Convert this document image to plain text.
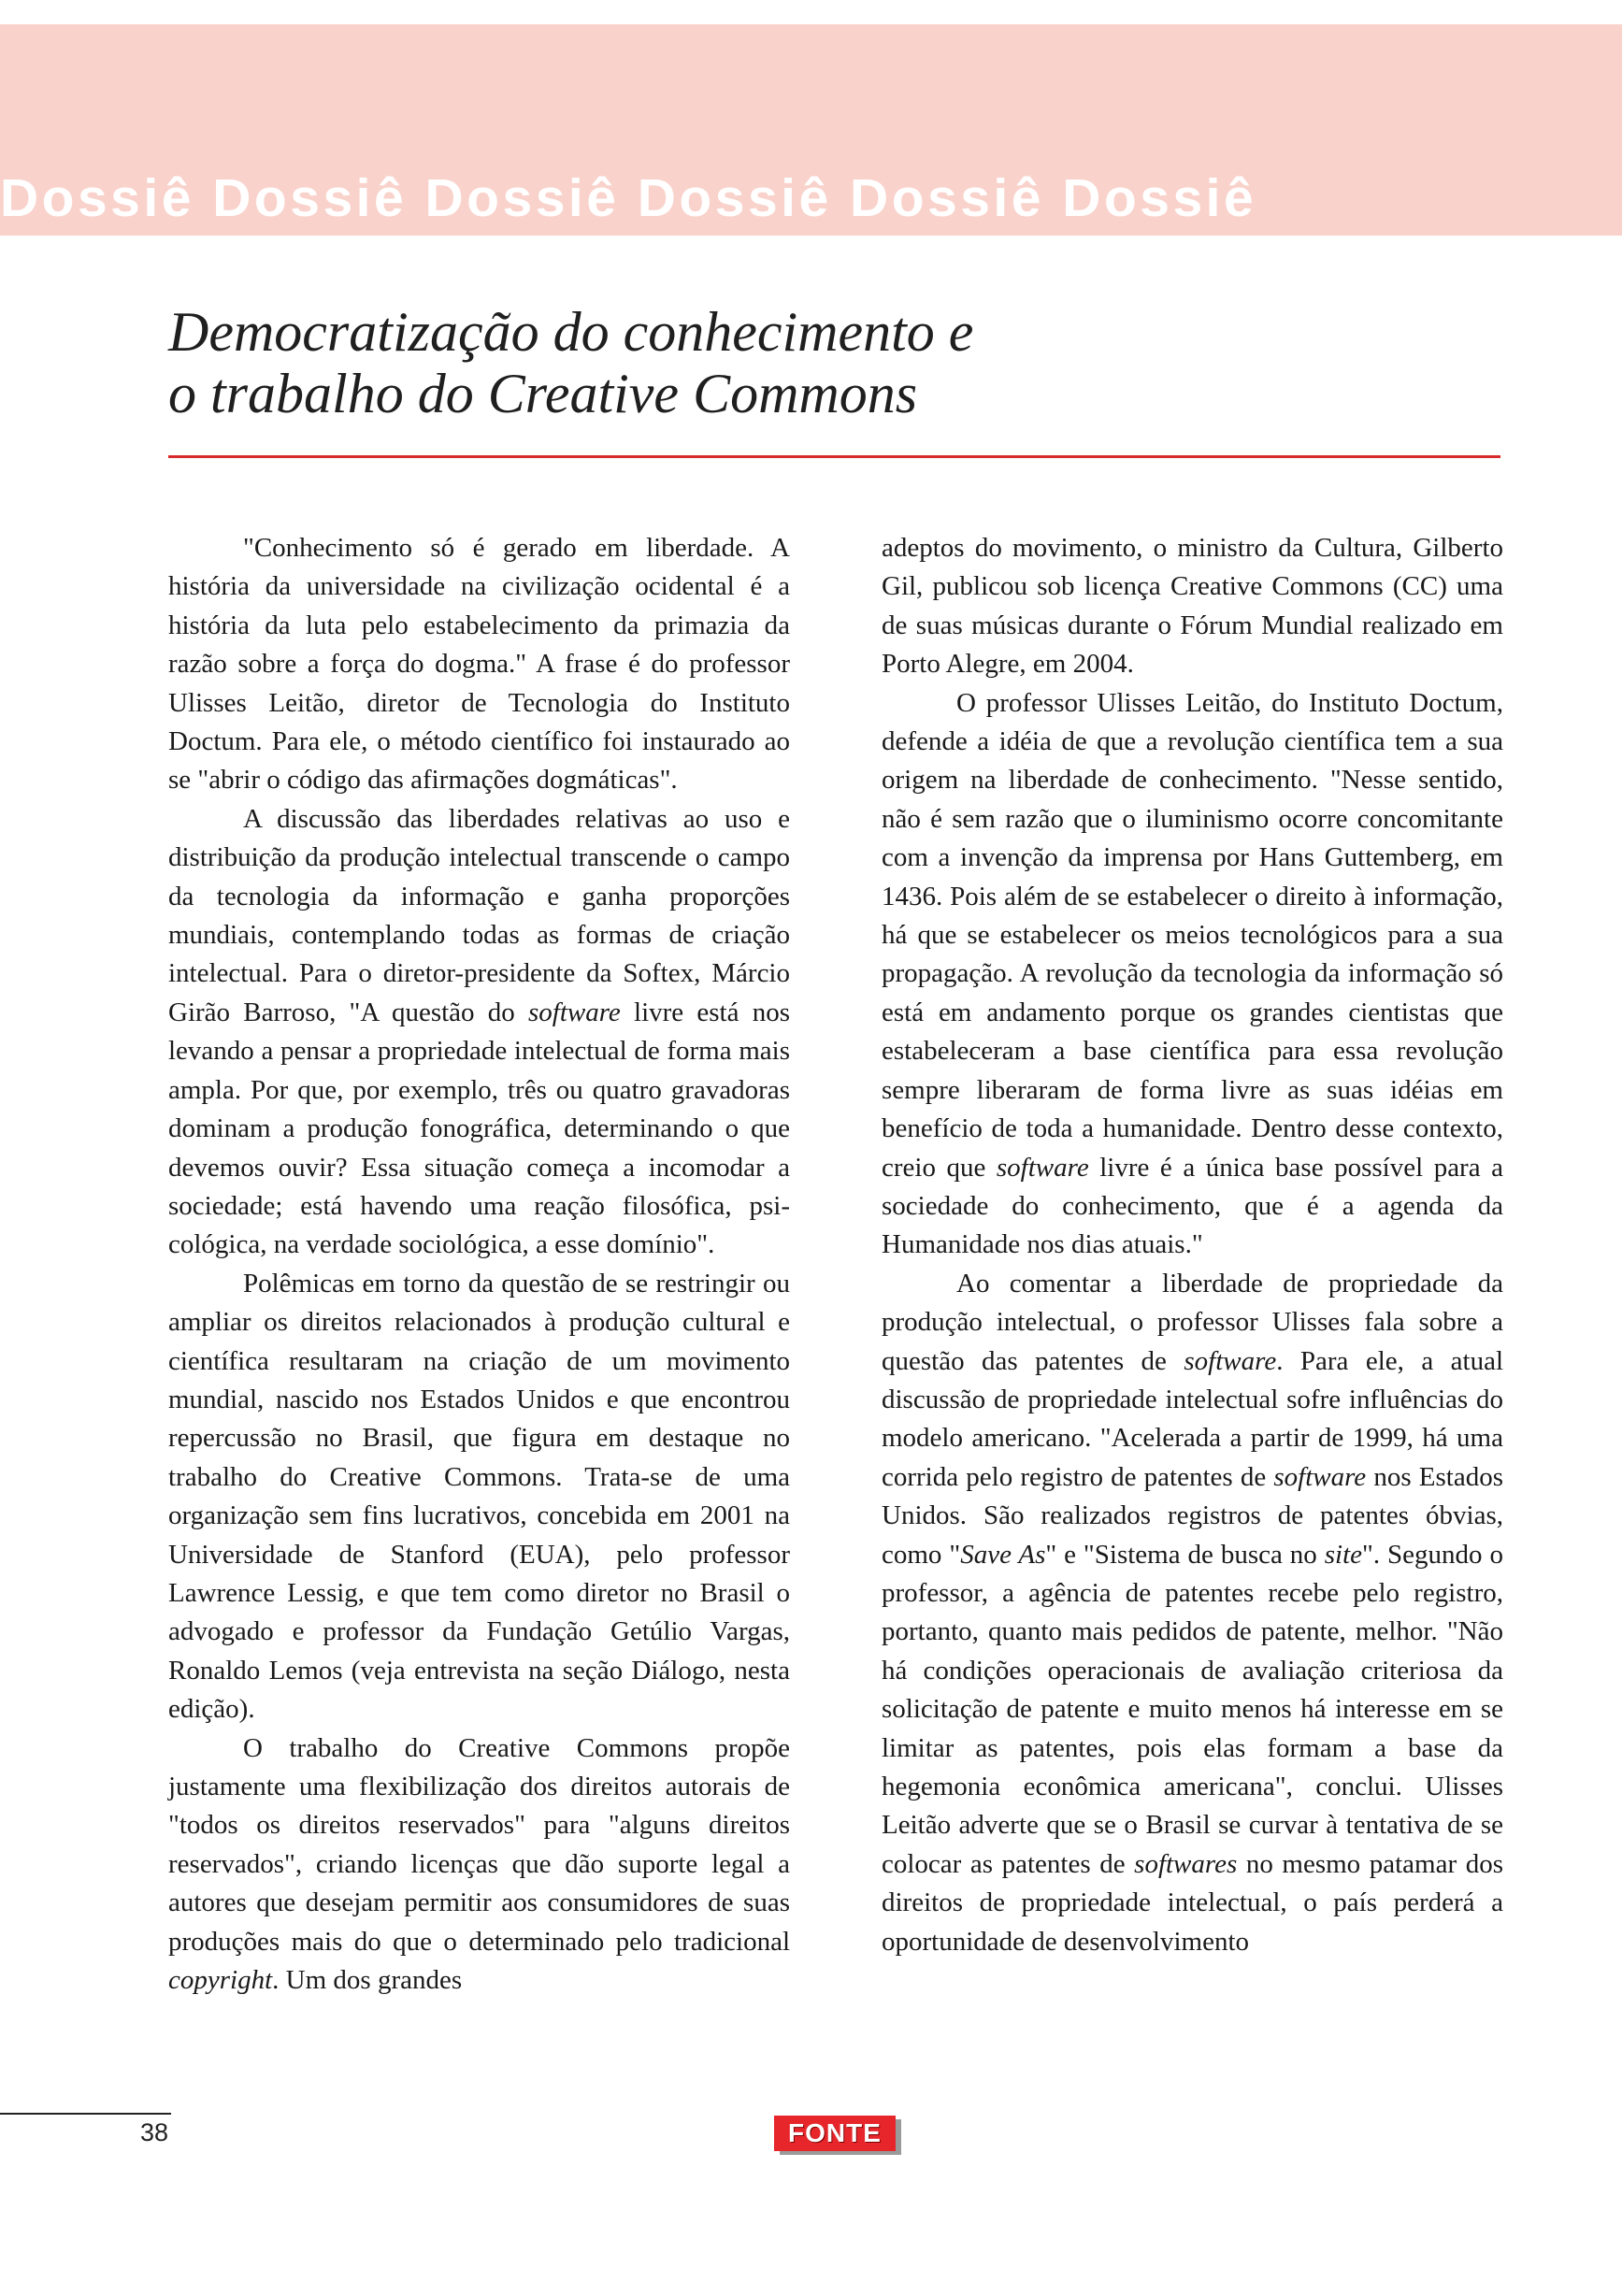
Dossiê Dossiê Dossiê Dossiê Dossiê Dossiê
Democratização do conhecimento e
o trabalho do Creative Commons

"Conhecimento só é gerado em liberdade. A história da universidade na civilização ocidental é a história da luta pelo estabelecimento da primazia da razão sobre a força do dogma." A frase é do professor Ulisses Leitão, diretor de Tecnologia do Instituto Doctum. Para ele, o método científico foi instaurado ao se "abrir o código das afirmações dogmáticas".

A discussão das liberdades relativas ao uso e distribuição da produção intelectual transcende o campo da tecnologia da informação e ganha proporções mundiais, contemplando todas as formas de criação intelectual. Para o diretor-presidente da Softex, Márcio Girão Barroso, "A questão do software livre está nos levando a pensar a propriedade intelectual de forma mais ampla. Por que, por exemplo, três ou quatro gravadoras dominam a produção fonográfica, determinando o que devemos ouvir? Essa situação começa a incomodar a sociedade; está havendo uma reação filosófica, psicológica, na verdade sociológica, a esse domínio".

Polêmicas em torno da questão de se restringir ou ampliar os direitos relacionados à produção cultural e científica resultaram na criação de um movimento mundial, nascido nos Estados Unidos e que encontrou repercussão no Brasil, que figura em destaque no trabalho do Creative Commons. Trata-se de uma organização sem fins lucrativos, concebida em 2001 na Universidade de Stanford (EUA), pelo professor Lawrence Lessig, e que tem como diretor no Brasil o advogado e professor da Fundação Getúlio Vargas, Ronaldo Lemos (veja entrevista na seção Diálogo, nesta edição).

O trabalho do Creative Commons propõe justamente uma flexibilização dos direitos autorais de "todos os direitos reservados" para "alguns direitos reservados", criando licenças que dão suporte legal a autores que desejam permitir aos consumidores de suas produções mais do que o determinado pelo tradicional copyright. Um dos grandes

adeptos do movimento, o ministro da Cultura, Gilberto Gil, publicou sob licença Creative Commons (CC) uma de suas músicas durante o Fórum Mundial realizado em Porto Alegre, em 2004.

O professor Ulisses Leitão, do Instituto Doctum, defende a idéia de que a revolução científica tem a sua origem na liberdade de conhecimento. "Nesse sentido, não é sem razão que o iluminismo ocorre concomitante com a invenção da imprensa por Hans Guttemberg, em 1436. Pois além de se estabelecer o direito à informação, há que se estabelecer os meios tecnológicos para a sua propagação. A revolução da tecnologia da informação só está em andamento porque os grandes cientistas que estabeleceram a base científica para essa revolução sempre liberaram de forma livre as suas idéias em benefício de toda a humanidade. Dentro desse contexto, creio que software livre é a única base possível para a sociedade do conhecimento, que é a agenda da Humanidade nos dias atuais."

Ao comentar a liberdade de propriedade da produção intelectual, o professor Ulisses fala sobre a questão das patentes de software. Para ele, a atual discussão de propriedade intelectual sofre influências do modelo americano. "Acelerada a partir de 1999, há uma corrida pelo registro de patentes de software nos Estados Unidos. São realizados registros de patentes óbvias, como "Save As" e "Sistema de busca no site". Segundo o professor, a agência de patentes recebe pelo registro, portanto, quanto mais pedidos de patente, melhor. "Não há condições operacionais de avaliação criteriosa da solicitação de patente e muito menos há interesse em se limitar as patentes, pois elas formam a base da hegemonia econômica americana", conclui. Ulisses Leitão adverte que se o Brasil se curvar à tentativa de se colocar as patentes de softwares no mesmo patamar dos direitos de propriedade intelectual, o país perderá a oportunidade de desenvolvimento

38	FONTE
